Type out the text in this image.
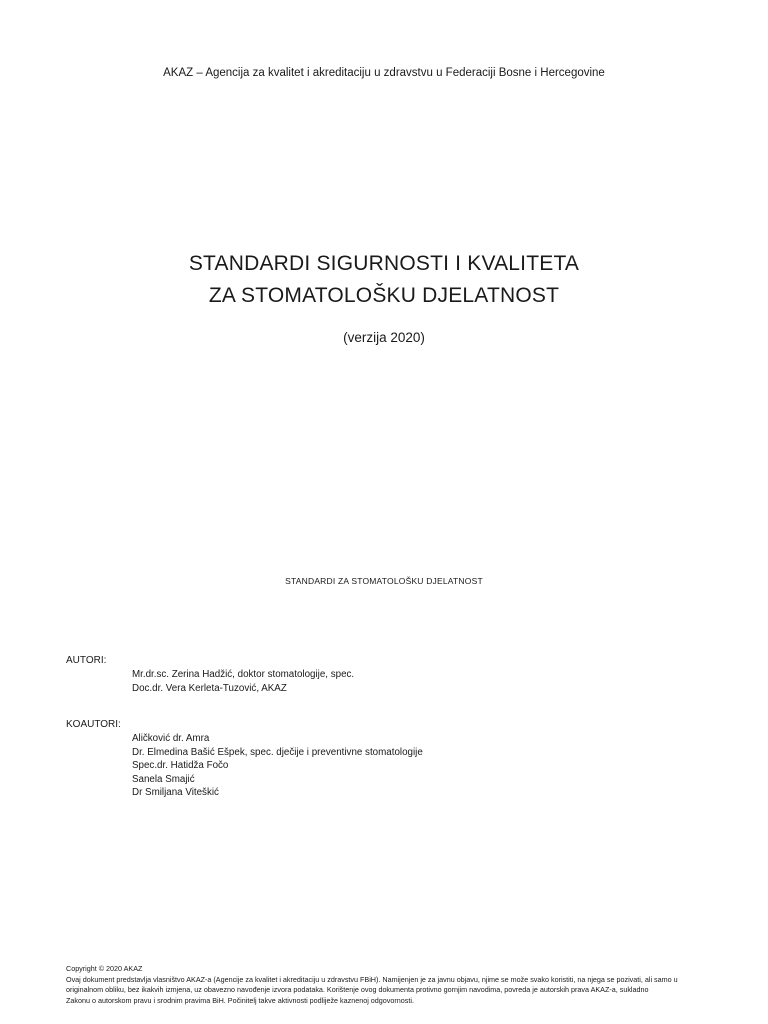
AKAZ – Agencija za kvalitet i akreditaciju u zdravstvu u Federaciji Bosne i Hercegovine
STANDARDI SIGURNOSTI I KVALITETA
ZA STOMATOLOŠKU DJELATNOST
(verzija 2020)
STANDARDI ZA STOMATOLOŠKU DJELATNOST
AUTORI:
Mr.dr.sc. Zerina Hadžić, doktor stomatologije, spec.
Doc.dr. Vera Kerleta-Tuzović, AKAZ
KOAUTORI:
Aličković dr. Amra
Dr. Elmedina Bašić Ešpek, spec. dječije i preventivne stomatologije
Spec.dr. Hatidža Fočo
Sanela Smajić
Dr Smiljana Viteškić
Copyright © 2020 AKAZ
Ovaj dokument predstavlja vlasništvo AKAZ-a (Agencije za kvalitet i akreditaciju u zdravstvu FBiH). Namijenjen je za javnu objavu, njime se može svako koristiti, na njega se pozivati, ali samo u
originalnom obliku, bez ikakvih izmjena, uz obavezno navođenje izvora podataka. Korištenje ovog dokumenta protivno gornjim navodima, povreda je autorskih prava AKAZ-a, sukladno
Zakonu o autorskom pravu i srodnim pravima BiH. Počinitelj takve aktivnosti podliježe kaznenoj odgovornosti.
